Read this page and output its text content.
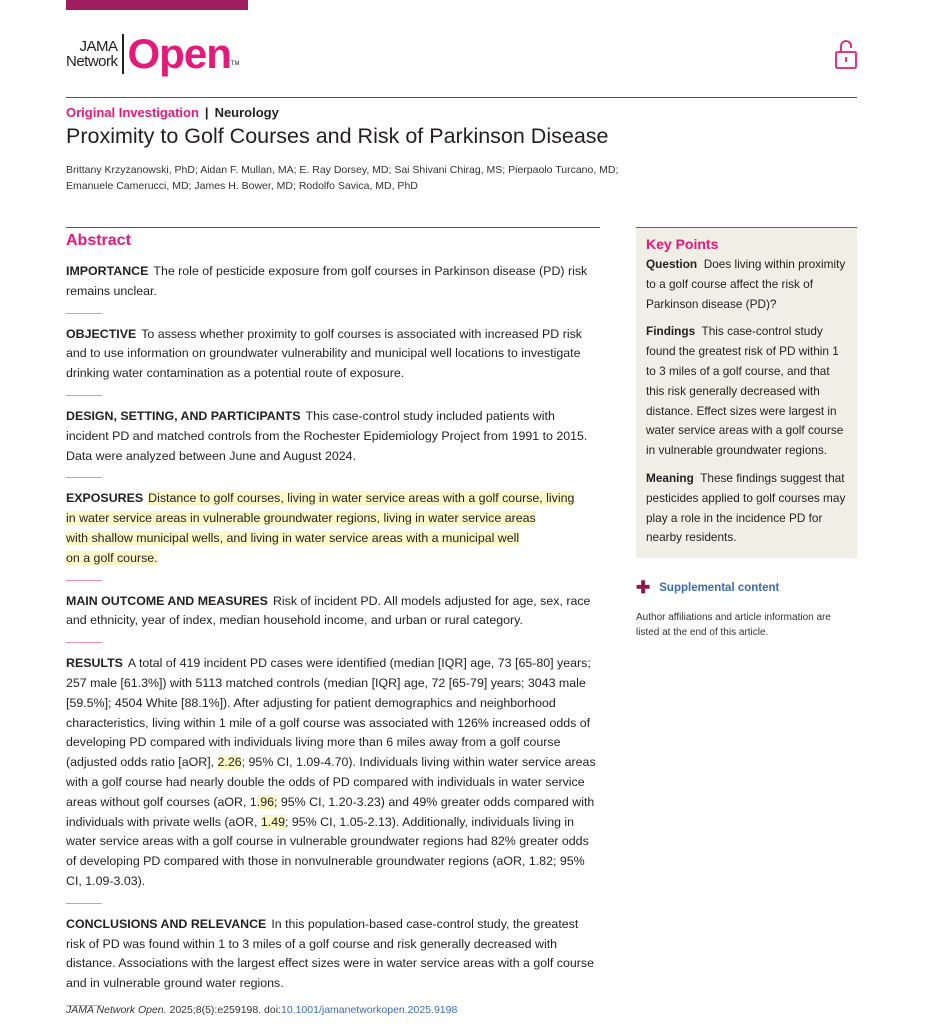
JAMA
Network Open TM
Original Investigation | Neurology
Proximity to Golf Courses and Risk of Parkinson Disease
Brittany Krzyzanowski, PhD; Aidan F. Mullan, MA; E. Ray Dorsey, MD; Sai Shivani Chirag, MS; Pierpaolo Turcano, MD;
Emanuele Camerucci, MD; James H. Bower, MD; Rodolfo Savica, MD, PhD
Abstract
IMPORTANCE The role of pesticide exposure from golf courses in Parkinson disease (PD) risk remains unclear.
OBJECTIVE To assess whether proximity to golf courses is associated with increased PD risk and to use information on groundwater vulnerability and municipal well locations to investigate drinking water contamination as a potential route of exposure.
DESIGN, SETTING, AND PARTICIPANTS This case-control study included patients with incident PD and matched controls from the Rochester Epidemiology Project from 1991 to 2015. Data were analyzed between June and August 2024.
EXPOSURES Distance to golf courses, living in water service areas with a golf course, living
in water service areas in vulnerable groundwater regions, living in water service areas
with shallow municipal wells, and living in water service areas with a municipal well
on a golf course.
MAIN OUTCOME AND MEASURES Risk of incident PD. All models adjusted for age, sex, race and ethnicity, year of index, median household income, and urban or rural category.
RESULTS A total of 419 incident PD cases were identified (median [IQR] age, 73 [65-80] years; 257 male [61.3%]) with 5113 matched controls (median [IQR] age, 72 [65-79] years; 3043 male [59.5%]; 4504 White [88.1%]). After adjusting for patient demographics and neighborhood characteristics, living within 1 mile of a golf course was associated with 126% increased odds of developing PD compared with individuals living more than 6 miles away from a golf course (adjusted odds ratio [aOR], 2.26; 95% CI, 1.09-4.70). Individuals living within water service areas with a golf course had nearly double the odds of PD compared with individuals in water service areas without golf courses (aOR, 1.96; 95% CI, 1.20-3.23) and 49% greater odds compared with individuals with private wells (aOR, 1.49; 95% CI, 1.05-2.13). Additionally, individuals living in water service areas with a golf course in vulnerable groundwater regions had 82% greater odds of developing PD compared with those in nonvulnerable groundwater regions (aOR, 1.82; 95% CI, 1.09-3.03).
CONCLUSIONS AND RELEVANCE In this population-based case-control study, the greatest risk of PD was found within 1 to 3 miles of a golf course and risk generally decreased with distance. Associations with the largest effect sizes were in water service areas with a golf course and in vulnerable ground water regions.
Key Points

Question Does living within proximity to a golf course affect the risk of Parkinson disease (PD)?

Findings This case-control study found the greatest risk of PD within 1 to 3 miles of a golf course, and that this risk generally decreased with distance. Effect sizes were largest in water service areas with a golf course in vulnerable groundwater regions.

Meaning These findings suggest that pesticides applied to golf courses may play a role in the incidence PD for nearby residents.

✚ Supplemental content
Author affiliations and article information are listed at the end of this article.
JAMA Network Open. 2025;8(5):e259198. doi:10.1001/jamanetworkopen.2025.9198
